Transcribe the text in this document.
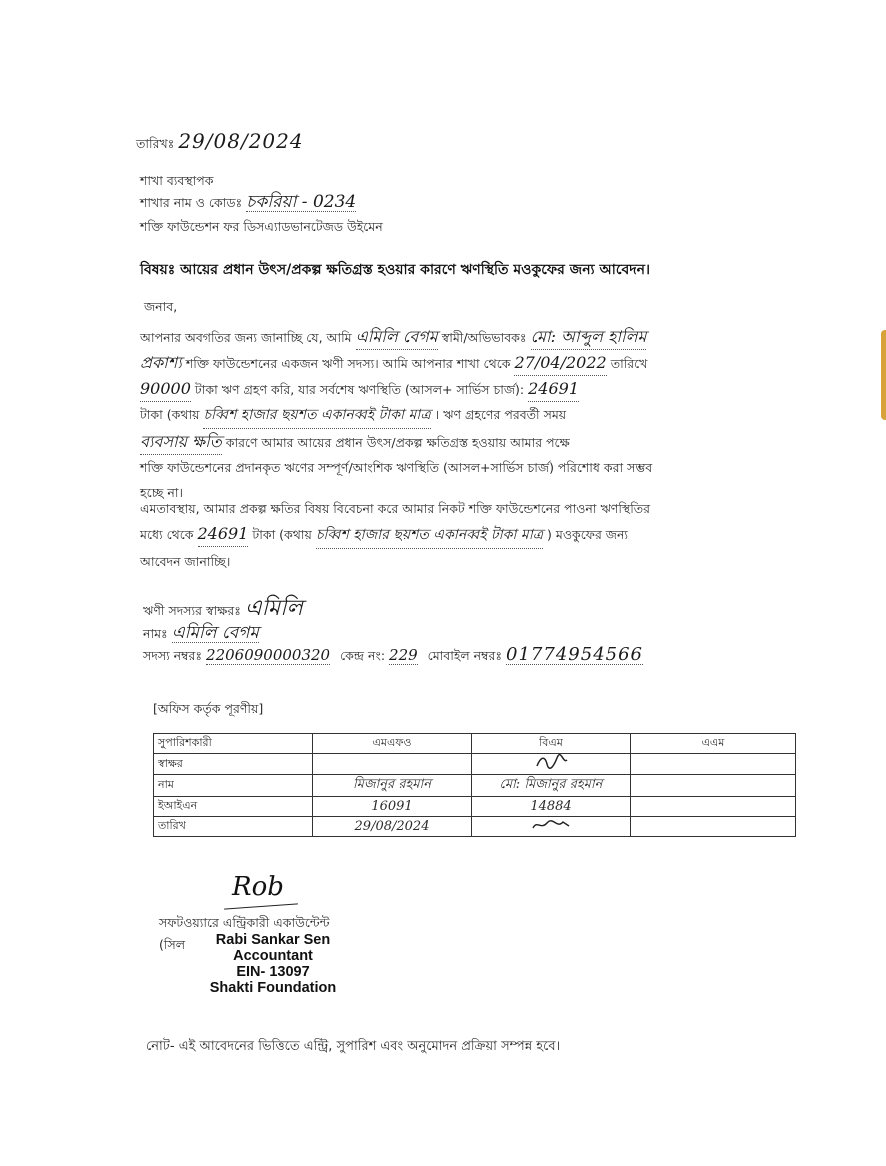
তারিখঃ 29/08/2024
শাখা ব্যবস্থাপক
শাখার নাম ও কোডঃ চকরিয়া - 0234
শক্তি ফাউন্ডেশন ফর ডিসএ্যাডভানটেজড উইমেন
বিষয়ঃ আয়ের প্রধান উৎস/প্রকল্প ক্ষতিগ্রস্ত হওয়ার কারণে ঋণস্থিতি মওকুফের জন্য আবেদন।
জনাব,
আপনার অবগতির জন্য জানাচ্ছি যে, আমি এমিলি বেগম স্বামী/অভিভাবকঃ মো: আব্দুল হালিম
প্রকাশ্য শক্তি ফাউন্ডেশনের একজন ঋণী সদস্য। আমি আপনার শাখা থেকে 27/04/2022 তারিখে
90000 টাকা ঋণ গ্রহণ করি, যার সর্বশেষ ঋণস্থিতি (আসল+ সার্ভিস চার্জ): 24691
টাকা (কথায় চব্বিশ হাজার ছয়শত একানব্বই টাকা মাত্র । ঋণ গ্রহণের পরবর্তী সময়
ব্যবসায় ক্ষতি কারণে আমার আয়ের প্রধান উৎস/প্রকল্প ক্ষতিগ্রস্ত হওয়ায় আমার পক্ষে
শক্তি ফাউন্ডেশনের প্রদানকৃত ঋণের সম্পূর্ণ/আংশিক ঋণস্থিতি (আসল+সার্ভিস চার্জ) পরিশোধ করা সম্ভব
হচ্ছে না।
এমতাবস্থায়, আমার প্রকল্প ক্ষতির বিষয় বিবেচনা করে আমার নিকট শক্তি ফাউন্ডেশনের পাওনা ঋণস্থিতির
মধ্যে থেকে 24691 টাকা (কথায় চব্বিশ হাজার ছয়শত একানব্বই টাকা মাত্র ) মওকুফের জন্য
আবেদন জানাচ্ছি।
ঋণী সদস্যর স্বাক্ষরঃ এমিলি
নামঃ এমিলি বেগম
সদস্য নম্বরঃ 2206090000320 কেন্দ্র নং: 229 মোবাইল নম্বরঃ 01774954566
[অফিস কর্তৃক পূরণীয়]
সুপারিশকারী	এমএফও	বিএম	এএম
স্বাক্ষর			
নাম	মিজানুর রহমান	মো: মিজানুর রহমান	
ইআইএন	16091	14884	
তারিখ	29/08/2024		
Rob
সফটওয়্যারে এন্ট্রিকারী একাউন্টেন্ট
(সিল	Rabi Sankar Sen
Accountant
EIN- 13097
Shakti Foundation
নোট- এই আবেদনের ভিত্তিতে এন্ট্রি, সুপারিশ এবং অনুমোদন প্রক্রিয়া সম্পন্ন হবে।
